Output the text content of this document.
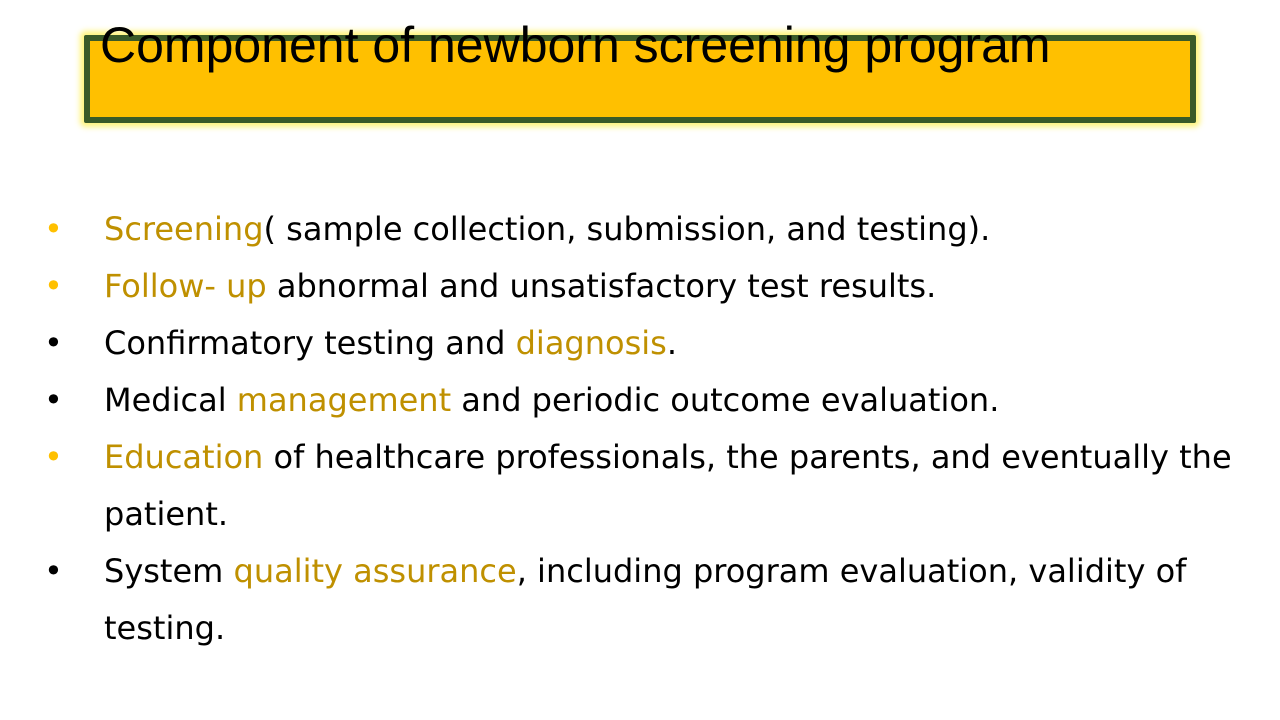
Component of newborn screening program
• Screening( sample collection, submission, and testing).
• Follow- up abnormal and unsatisfactory test results.
• Confirmatory testing and diagnosis.
• Medical management and periodic outcome evaluation.
• Education of healthcare professionals, the parents, and eventually the patient.
• System quality assurance, including program evaluation, validity of testing.
